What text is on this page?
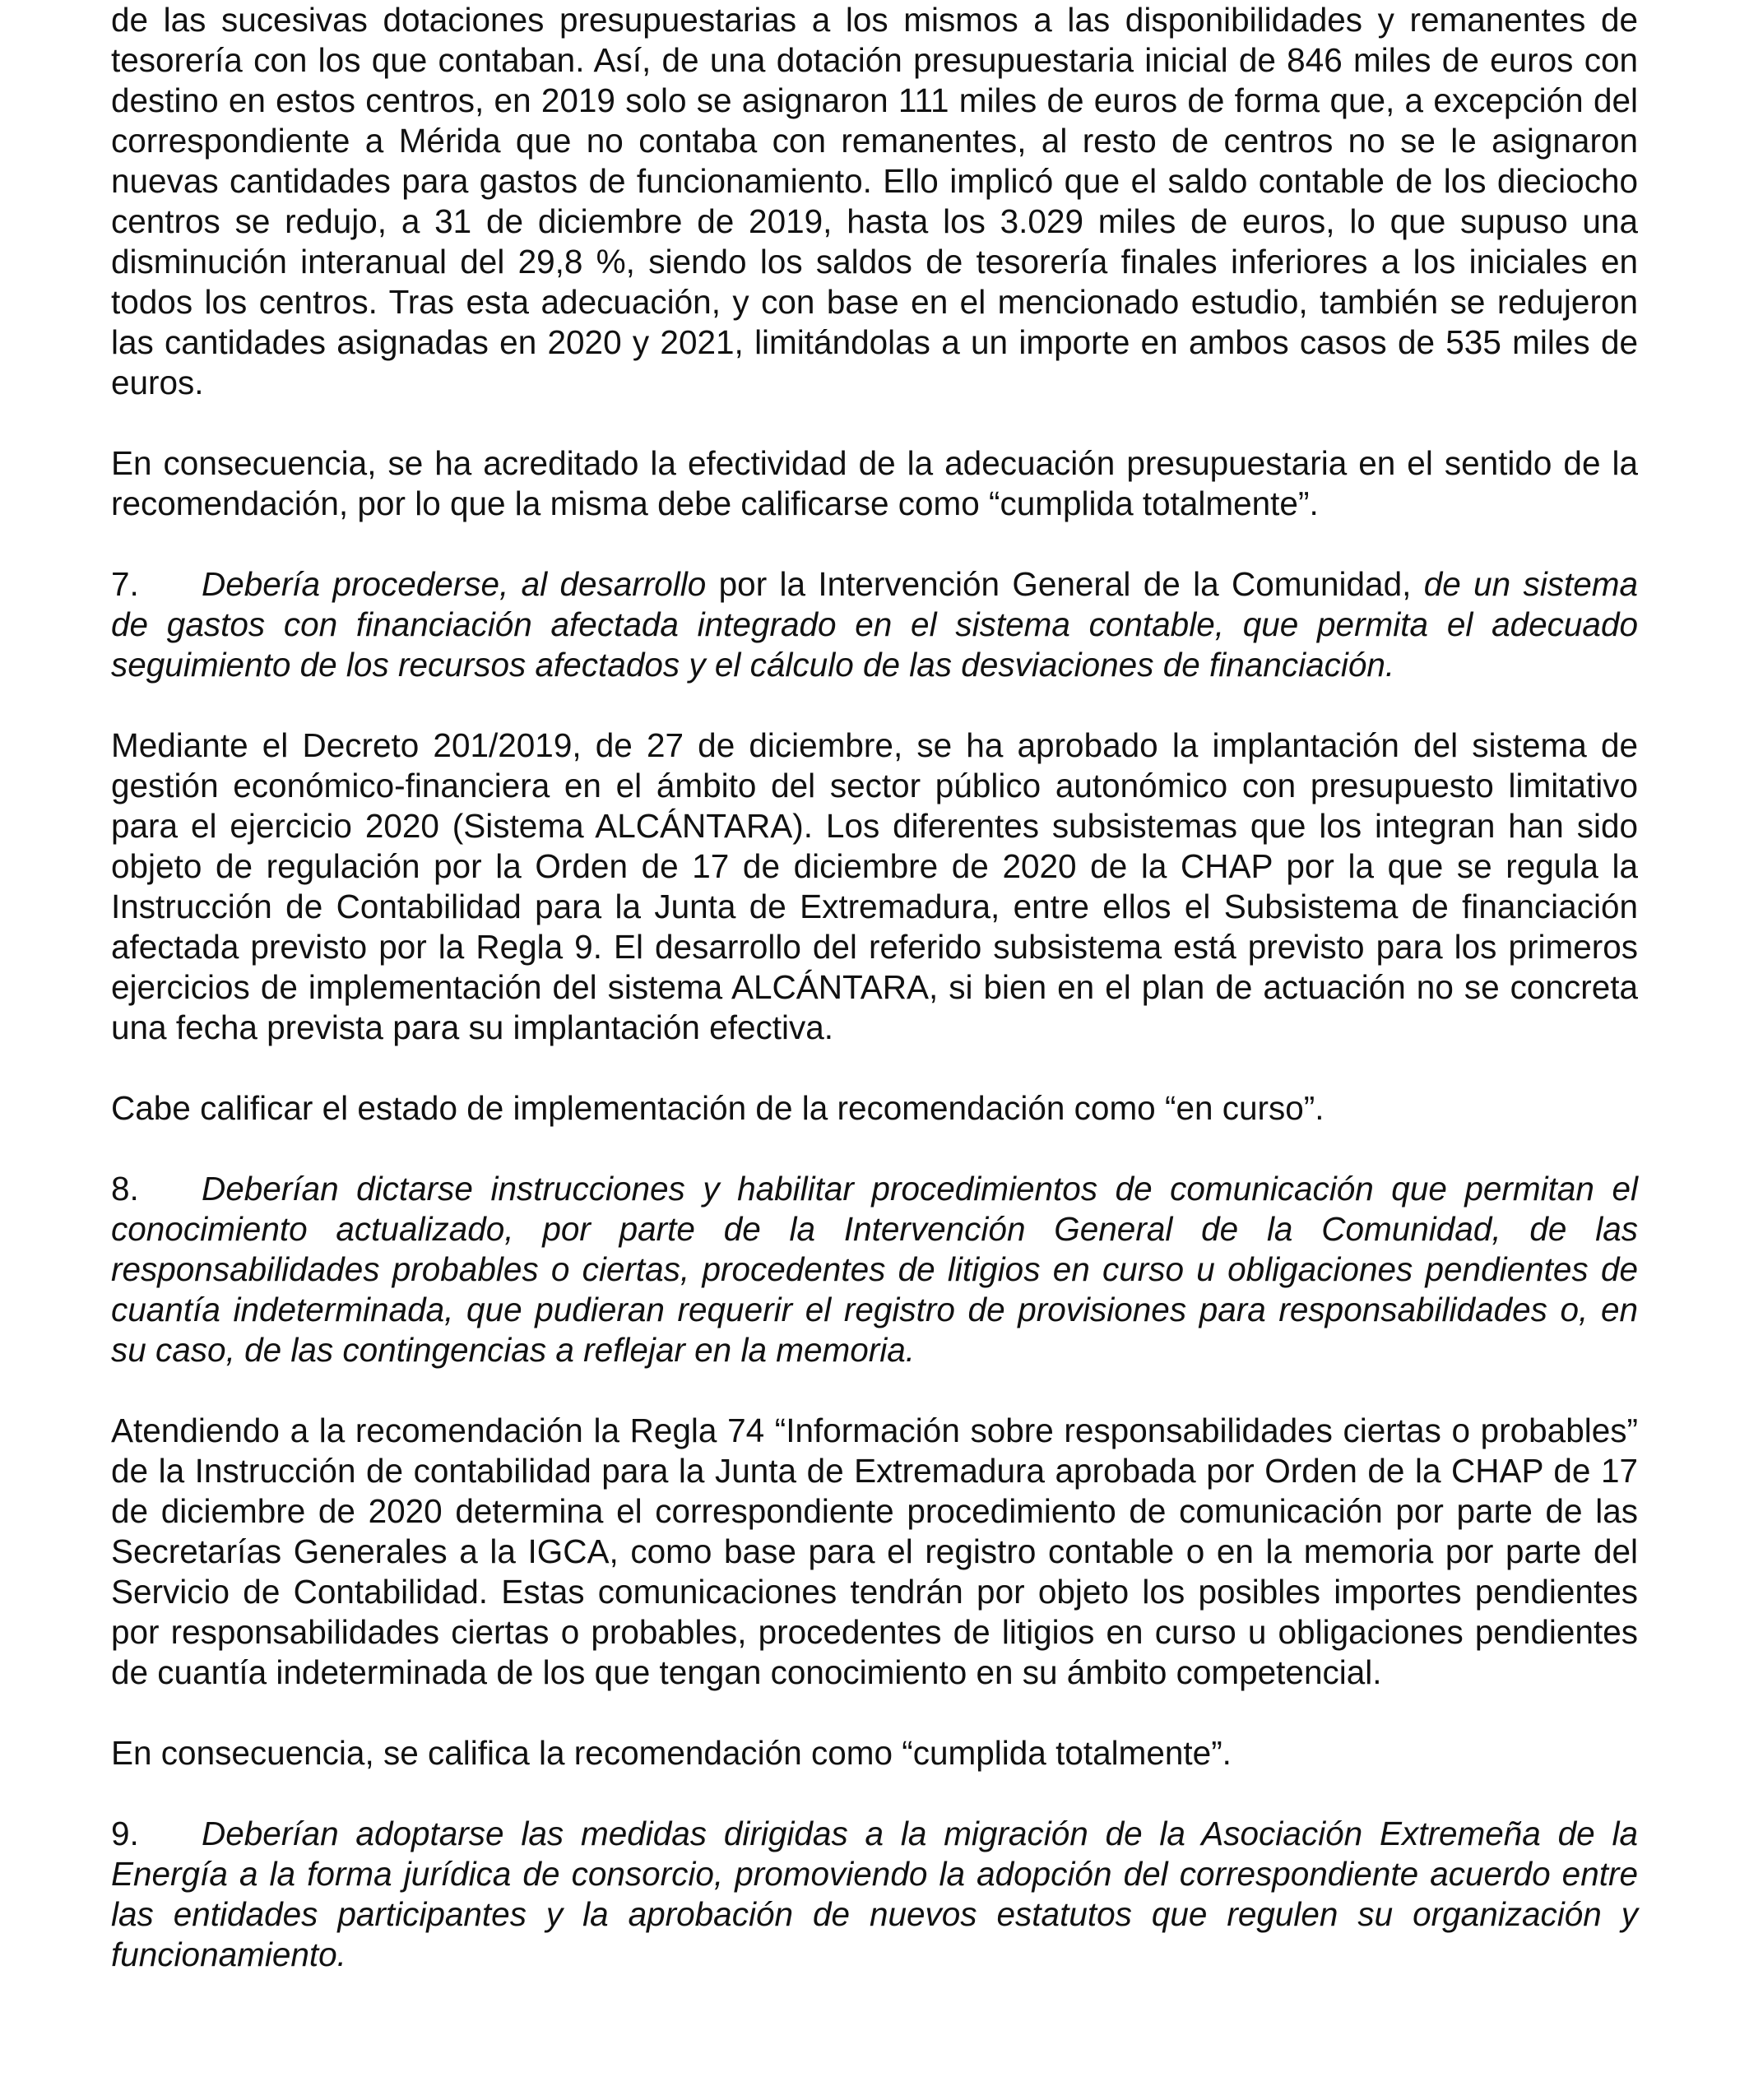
de las sucesivas dotaciones presupuestarias a los mismos a las disponibilidades y remanentes de tesorería con los que contaban. Así, de una dotación presupuestaria inicial de 846 miles de euros con destino en estos centros, en 2019 solo se asignaron 111 miles de euros de forma que, a excepción del correspondiente a Mérida que no contaba con remanentes, al resto de centros no se le asignaron nuevas cantidades para gastos de funcionamiento. Ello implicó que el saldo contable de los dieciocho centros se redujo, a 31 de diciembre de 2019, hasta los 3.029 miles de euros, lo que supuso una disminución interanual del 29,8 %, siendo los saldos de tesorería finales inferiores a los iniciales en todos los centros. Tras esta adecuación, y con base en el mencionado estudio, también se redujeron las cantidades asignadas en 2020 y 2021, limitándolas a un importe en ambos casos de 535 miles de euros.

En consecuencia, se ha acreditado la efectividad de la adecuación presupuestaria en el sentido de la recomendación, por lo que la misma debe calificarse como “cumplida totalmente”.

7. Debería procederse, al desarrollo por la Intervención General de la Comunidad, de un sistema de gastos con financiación afectada integrado en el sistema contable, que permita el adecuado seguimiento de los recursos afectados y el cálculo de las desviaciones de financiación.

Mediante el Decreto 201/2019, de 27 de diciembre, se ha aprobado la implantación del sistema de gestión económico-financiera en el ámbito del sector público autonómico con presupuesto limitativo para el ejercicio 2020 (Sistema ALCÁNTARA). Los diferentes subsistemas que los integran han sido objeto de regulación por la Orden de 17 de diciembre de 2020 de la CHAP por la que se regula la Instrucción de Contabilidad para la Junta de Extremadura, entre ellos el Subsistema de financiación afectada previsto por la Regla 9. El desarrollo del referido subsistema está previsto para los primeros ejercicios de implementación del sistema ALCÁNTARA, si bien en el plan de actuación no se concreta una fecha prevista para su implantación efectiva.

Cabe calificar el estado de implementación de la recomendación como “en curso”.

8. Deberían dictarse instrucciones y habilitar procedimientos de comunicación que permitan el conocimiento actualizado, por parte de la Intervención General de la Comunidad, de las responsabilidades probables o ciertas, procedentes de litigios en curso u obligaciones pendientes de cuantía indeterminada, que pudieran requerir el registro de provisiones para responsabilidades o, en su caso, de las contingencias a reflejar en la memoria.

Atendiendo a la recomendación la Regla 74 “Información sobre responsabilidades ciertas o probables” de la Instrucción de contabilidad para la Junta de Extremadura aprobada por Orden de la CHAP de 17 de diciembre de 2020 determina el correspondiente procedimiento de comunicación por parte de las Secretarías Generales a la IGCA, como base para el registro contable o en la memoria por parte del Servicio de Contabilidad. Estas comunicaciones tendrán por objeto los posibles importes pendientes por responsabilidades ciertas o probables, procedentes de litigios en curso u obligaciones pendientes de cuantía indeterminada de los que tengan conocimiento en su ámbito competencial.

En consecuencia, se califica la recomendación como “cumplida totalmente”.

9. Deberían adoptarse las medidas dirigidas a la migración de la Asociación Extremeña de la Energía a la forma jurídica de consorcio, promoviendo la adopción del correspondiente acuerdo entre las entidades participantes y la aprobación de nuevos estatutos que regulen su organización y funcionamiento.
